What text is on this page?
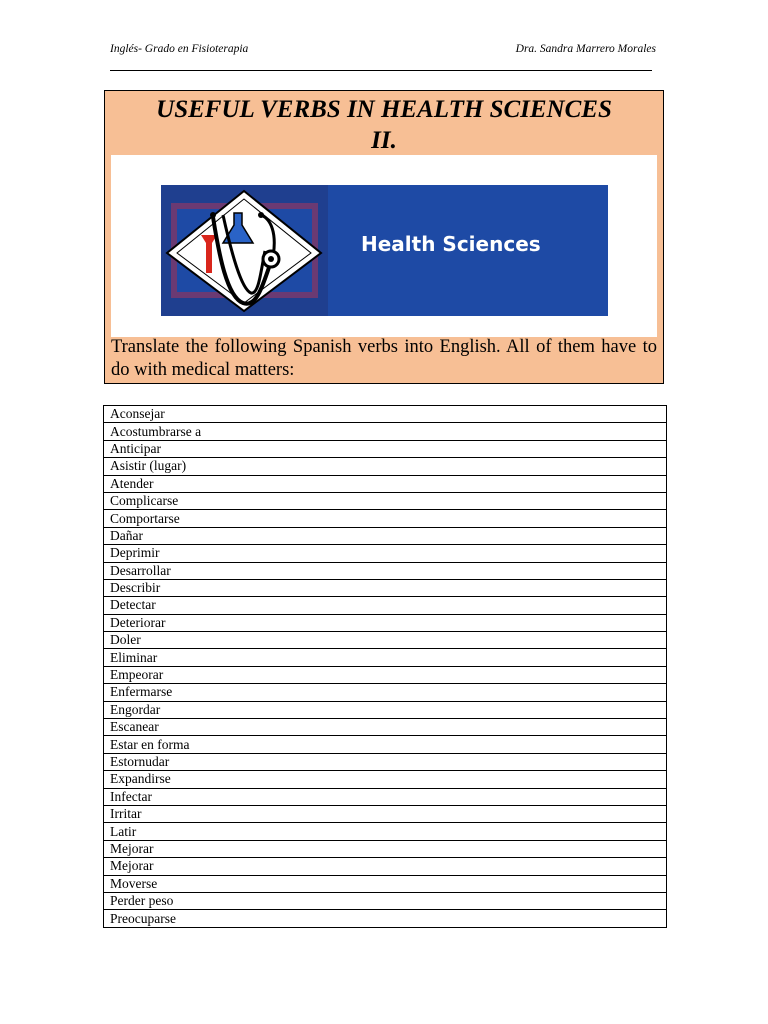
Inglés- Grado en Fisioterapia	Dra. Sandra Marrero Morales
USEFUL VERBS IN HEALTH SCIENCES
II.
Health Sciences
Translate the following Spanish verbs into English. All of them have to do with medical matters:
Aconsejar
Acostumbrarse a
Anticipar
Asistir (lugar)
Atender
Complicarse
Comportarse
Dañar
Deprimir
Desarrollar
Describir
Detectar
Deteriorar
Doler
Eliminar
Empeorar
Enfermarse
Engordar
Escanear
Estar en forma
Estornudar
Expandirse
Infectar
Irritar
Latir
Mejorar
Mejorar
Moverse
Perder peso
Preocuparse
